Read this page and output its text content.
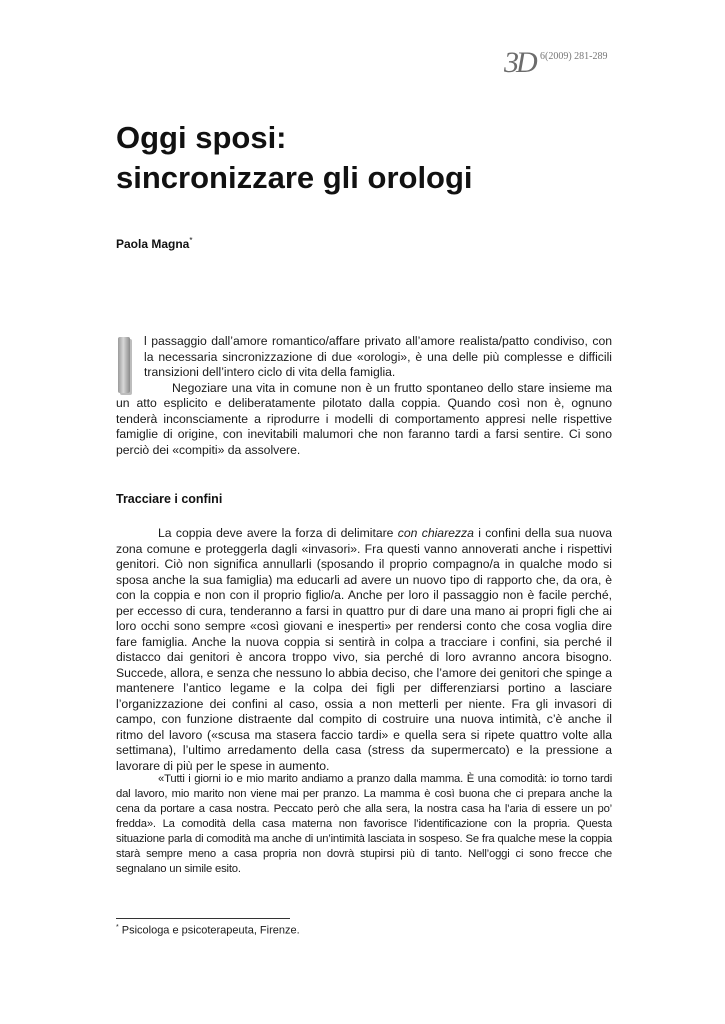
3D 6(2009) 281-289
Oggi sposi:
sincronizzare gli orologi
Paola Magna*

l passaggio dall’amore romantico/affare privato all’amore realista/patto condiviso, con la necessaria sincronizzazione di due «orologi», è una delle più complesse e difficili transizioni dell’intero ciclo di vita della famiglia.

Negoziare una vita in comune non è un frutto spontaneo dello stare insieme ma un atto esplicito e deliberatamente pilotato dalla coppia. Quando così non è, ognuno tenderà inconsciamente a riprodurre i modelli di comportamento appresi nelle rispettive famiglie di origine, con inevitabili malumori che non faranno tardi a farsi sentire. Ci sono perciò dei «compiti» da assolvere.

Tracciare i confini

La coppia deve avere la forza di delimitare con chiarezza i confini della sua nuova zona comune e proteggerla dagli «invasori». Fra questi vanno annoverati anche i rispettivi genitori. Ciò non significa annullarli (sposando il proprio compagno/a in qualche modo si sposa anche la sua famiglia) ma educarli ad avere un nuovo tipo di rapporto che, da ora, è con la coppia e non con il proprio figlio/a. Anche per loro il passaggio non è facile perché, per eccesso di cura, tenderanno a farsi in quattro pur di dare una mano ai propri figli che ai loro occhi sono sempre «così giovani e inesperti» per rendersi conto che cosa voglia dire fare famiglia. Anche la nuova coppia si sentirà in colpa a tracciare i confini, sia perché il distacco dai genitori è ancora troppo vivo, sia perché di loro avranno ancora bisogno. Succede, allora, e senza che nessuno lo abbia deciso, che l’amore dei genitori che spinge a mantenere l’antico legame e la colpa dei figli per differenziarsi portino a lasciare l’organizzazione dei confini al caso, ossia a non metterli per niente. Fra gli invasori di campo, con funzione distraente dal compito di costruire una nuova intimità, c’è anche il ritmo del lavoro («scusa ma stasera faccio tardi» e quella sera si ripete quattro volte alla settimana), l’ultimo arredamento della casa (stress da supermercato) e la pressione a lavorare di più per le spese in aumento.

«Tutti i giorni io e mio marito andiamo a pranzo dalla mamma. È una comodità: io torno tardi dal lavoro, mio marito non viene mai per pranzo. La mamma è così buona che ci prepara anche la cena da portare a casa nostra. Peccato però che alla sera, la nostra casa ha l’aria di essere un po’ fredda». La comodità della casa materna non favorisce l’identificazione con la propria. Questa situazione parla di comodità ma anche di un’intimità lasciata in sospeso. Se fra qualche mese la coppia starà sempre meno a casa propria non dovrà stupirsi più di tanto. Nell’oggi ci sono frecce che segnalano un simile esito.

* Psicologa e psicoterapeuta, Firenze.
